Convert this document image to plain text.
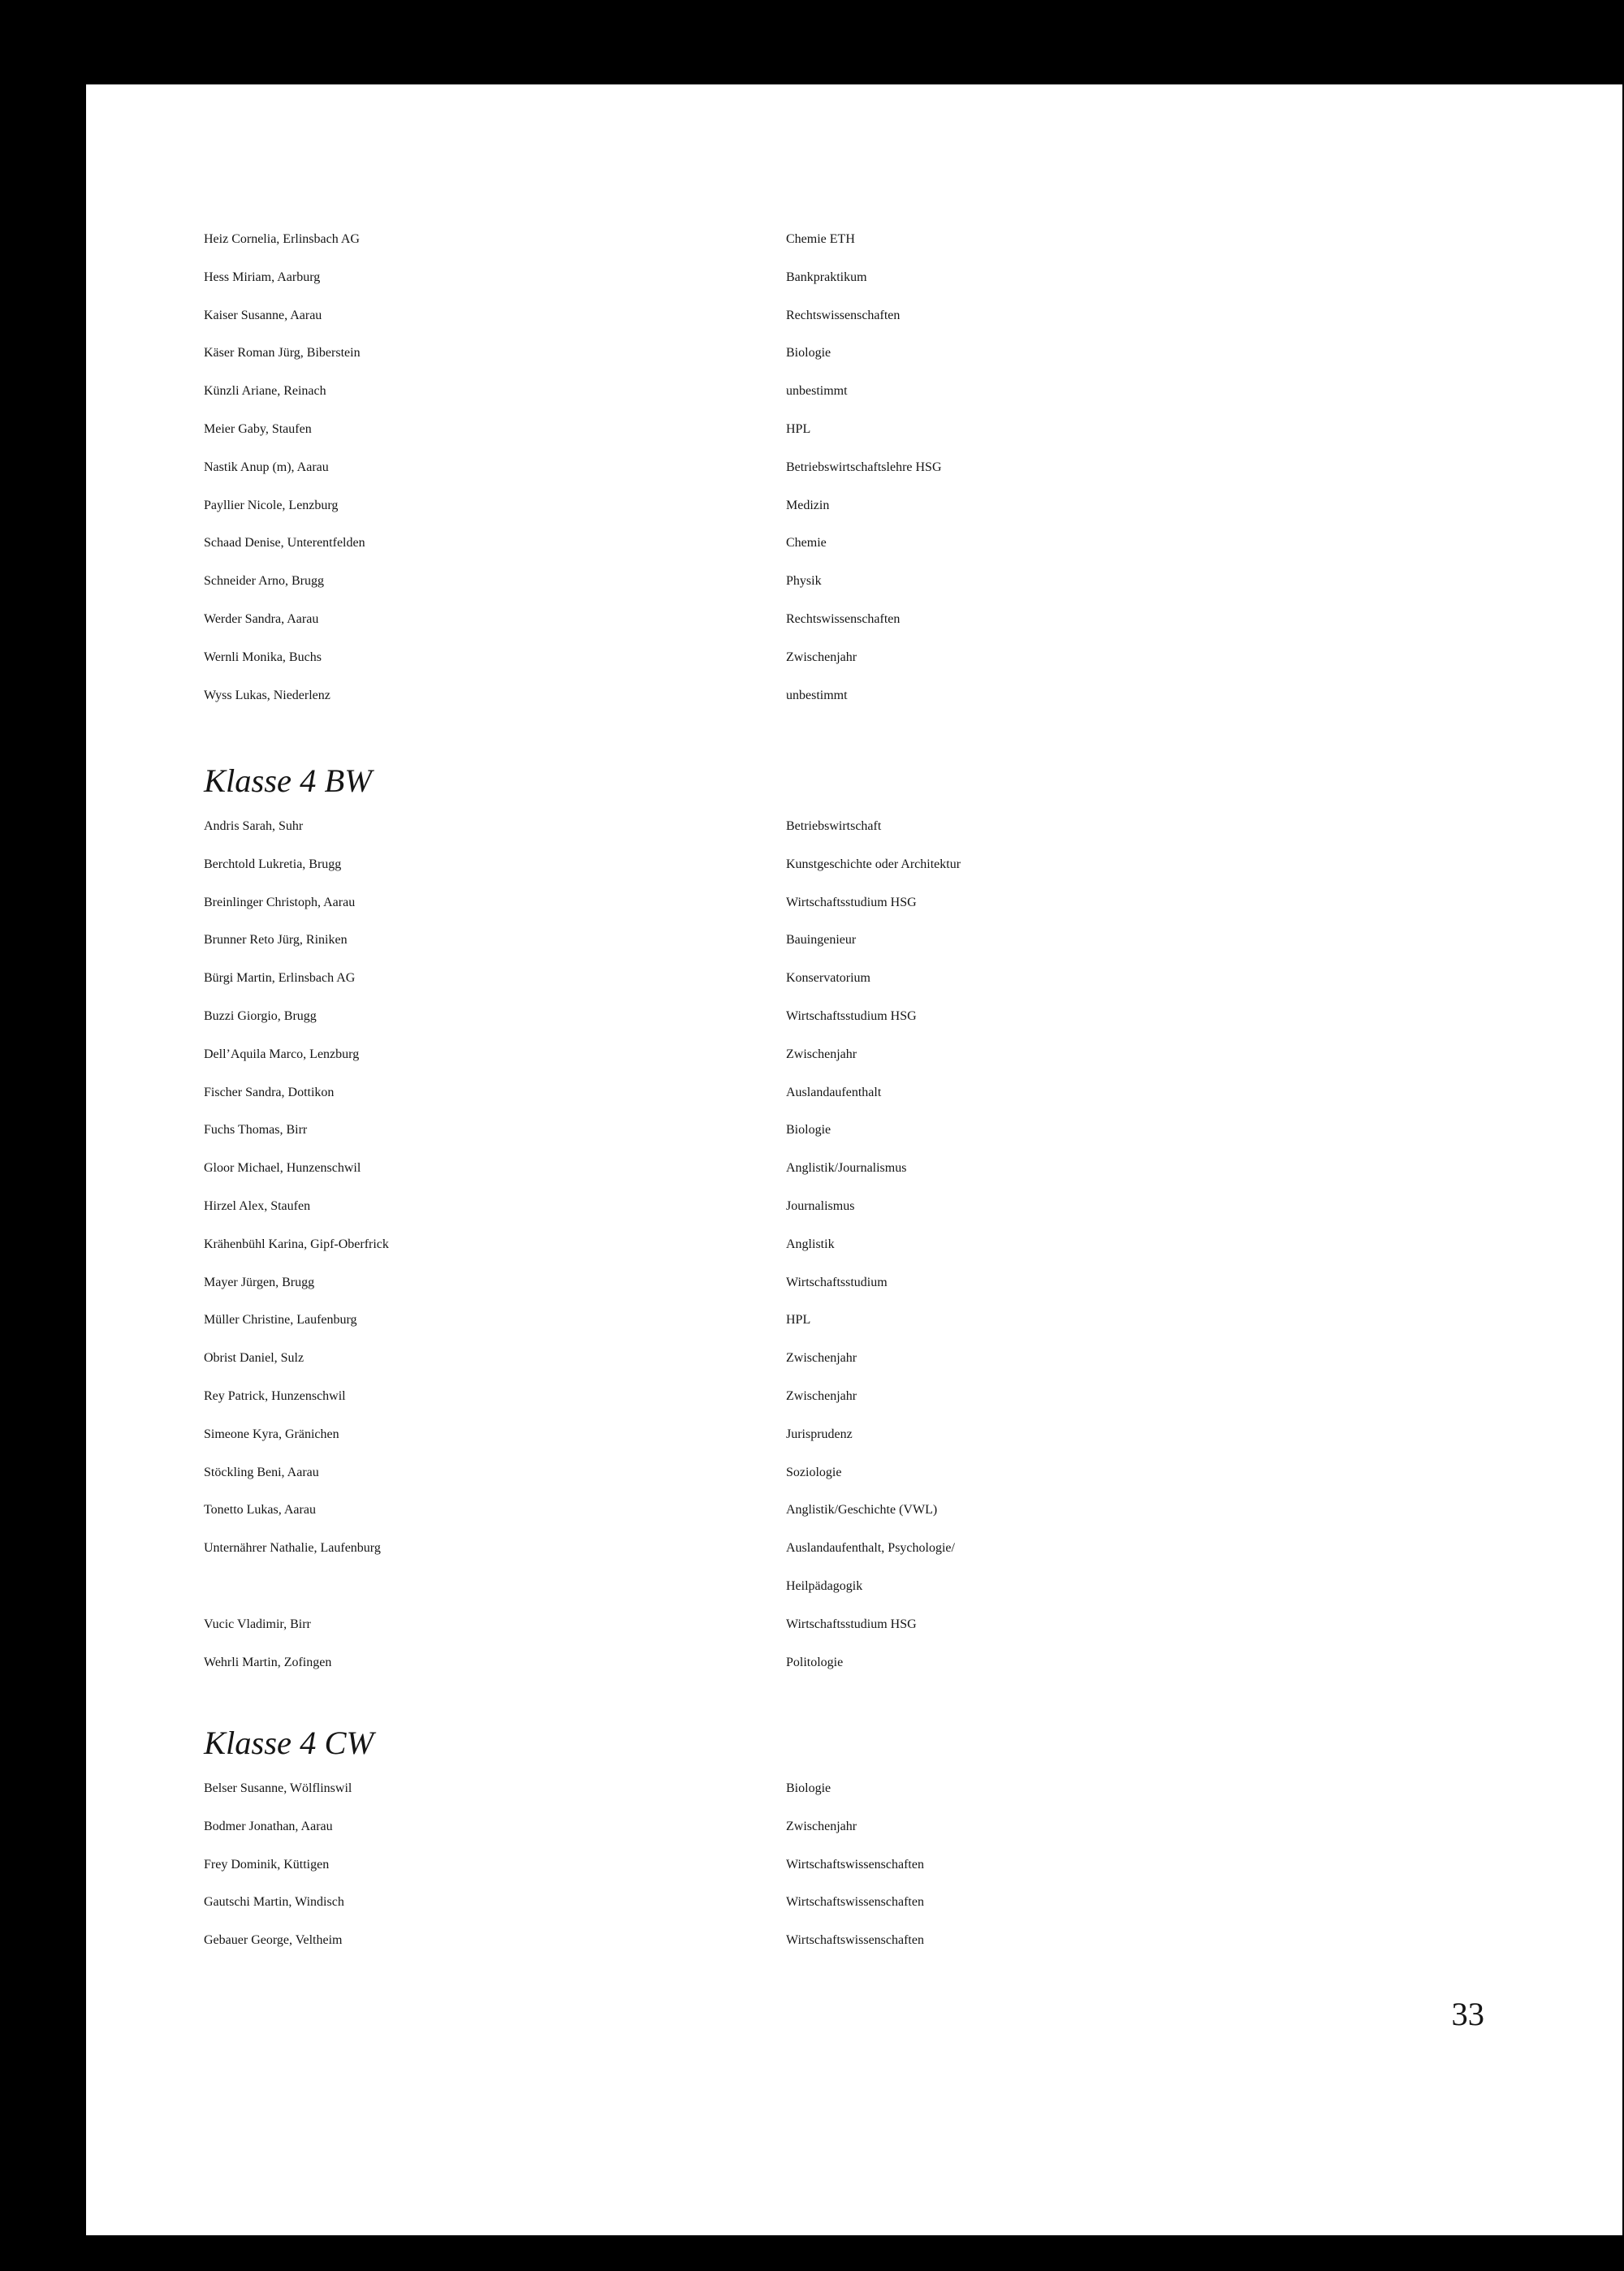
Heiz Cornelia, Erlinsbach AG	Chemie ETH
Hess Miriam, Aarburg	Bankpraktikum
Kaiser Susanne, Aarau	Rechtswissenschaften
Käser Roman Jürg, Biberstein	Biologie
Künzli Ariane, Reinach	unbestimmt
Meier Gaby, Staufen	HPL
Nastik Anup (m), Aarau	Betriebswirtschaftslehre HSG
Payllier Nicole, Lenzburg	Medizin
Schaad Denise, Unterentfelden	Chemie
Schneider Arno, Brugg	Physik
Werder Sandra, Aarau	Rechtswissenschaften
Wernli Monika, Buchs	Zwischenjahr
Wyss Lukas, Niederlenz	unbestimmt
Klasse 4 BW
Andris Sarah, Suhr	Betriebswirtschaft
Berchtold Lukretia, Brugg	Kunstgeschichte oder Architektur
Breinlinger Christoph, Aarau	Wirtschaftsstudium HSG
Brunner Reto Jürg, Riniken	Bauingenieur
Bürgi Martin, Erlinsbach AG	Konservatorium
Buzzi Giorgio, Brugg	Wirtschaftsstudium HSG
Dell’Aquila Marco, Lenzburg	Zwischenjahr
Fischer Sandra, Dottikon	Auslandaufenthalt
Fuchs Thomas, Birr	Biologie
Gloor Michael, Hunzenschwil	Anglistik/Journalismus
Hirzel Alex, Staufen	Journalismus
Krähenbühl Karina, Gipf-Oberfrick	Anglistik
Mayer Jürgen, Brugg	Wirtschaftsstudium
Müller Christine, Laufenburg	HPL
Obrist Daniel, Sulz	Zwischenjahr
Rey Patrick, Hunzenschwil	Zwischenjahr
Simeone Kyra, Gränichen	Jurisprudenz
Stöckling Beni, Aarau	Soziologie
Tonetto Lukas, Aarau	Anglistik/Geschichte (VWL)
Unternährer Nathalie, Laufenburg	Auslandaufenthalt, Psychologie/
Heilpädagogik
Vucic Vladimir, Birr	Wirtschaftsstudium HSG
Wehrli Martin, Zofingen	Politologie
Klasse 4 CW
Belser Susanne, Wölflinswil	Biologie
Bodmer Jonathan, Aarau	Zwischenjahr
Frey Dominik, Küttigen	Wirtschaftswissenschaften
Gautschi Martin, Windisch	Wirtschaftswissenschaften
Gebauer George, Veltheim	Wirtschaftswissenschaften
33
